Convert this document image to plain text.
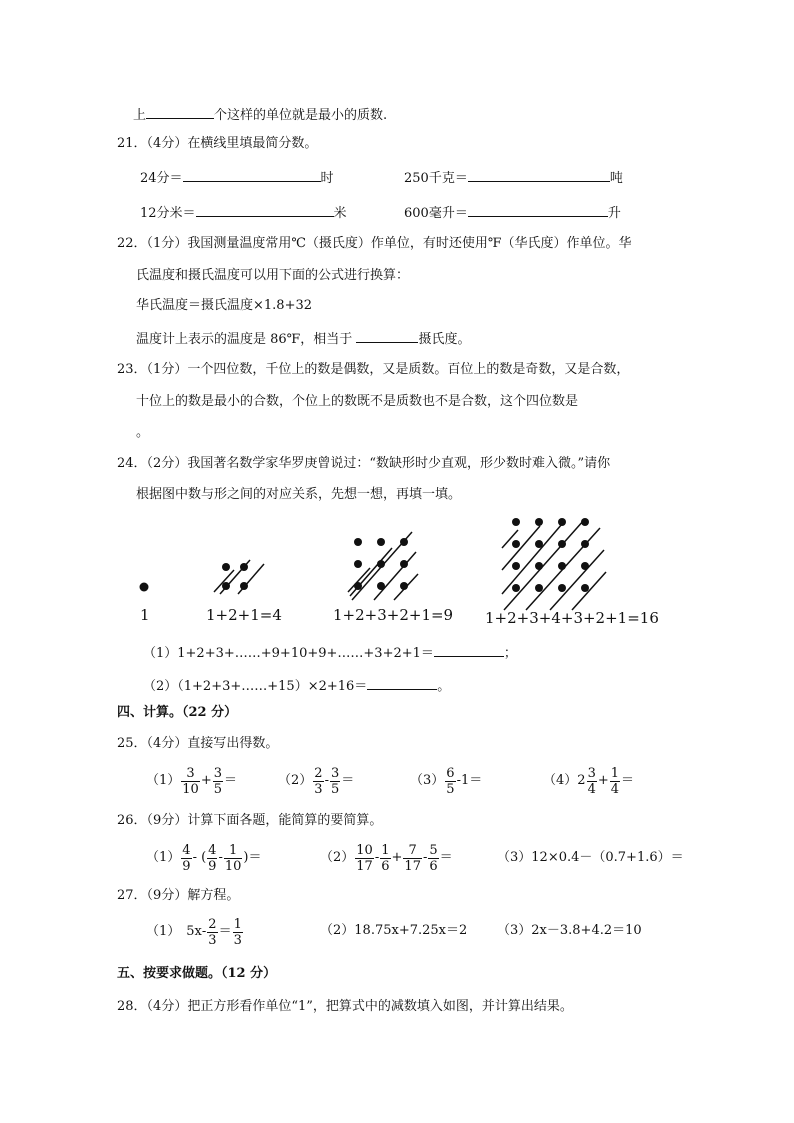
上	个这样的单位就是最小的质数.
21．（4分）在横线里填最简分数。
24分＝	时	250千克＝	吨
12分米＝	米	600毫升＝	升
22．（1分）我国测量温度常用℃（摄氏度）作单位，有时还使用℉（华氏度）作单位。华
氏温度和摄氏温度可以用下面的公式进行换算：
华氏温度＝摄氏温度×1.8+32
温度计上表示的温度是 86℉，相当于	摄氏度。
23．（1分）一个四位数，千位上的数是偶数，又是质数。百位上的数是奇数，又是合数，
十位上的数是最小的合数，个位上的数既不是质数也不是合数，这个四位数是
。
24．（2分）我国著名数学家华罗庚曾说过：“数缺形时少直观，形少数时难入微。”请你
根据图中数与形之间的对应关系，先想一想，再填一填。
1	1+2+1=4	1+2+3+2+1=9 1+2+3+4+3+2+1=16
（1）1+2+3+……+9+10+9+……+3+2+1＝	；
（2）（1+2+3+……+15）×2+16＝	。
四、计算。（22 分）
25．（4分）直接写出得数。
$(1) \frac{3}{10} + \frac{3}{5}$ ＝	$(2) \frac{2}{3} - \frac{3}{5}$ ＝	$(3) \frac{6}{5} -1=$	（4） $2 \frac{3}{4} + \frac{1}{4}$ ＝
26．（9分）计算下面各题，能简算的要简算。
$(1) \frac{4}{9}$ - ( $\frac{4}{9} - \frac{1}{10}$ )＝	$(2) \frac{10}{17} - \frac{1}{6} + \frac{7}{17} - \frac{5}{6}$ ＝	（3）12×0.4－（0.7+1.6）＝
27．（9分）解方程。
（1） $5x - \frac{2}{3} = \frac{1}{3}$	（2）18.75x+7.25x＝2 （3）2x－3.8+4.2＝10
五、按要求做题。（12 分）
28．（4分）把正方形看作单位“1”，把算式中的减数填入如图，并计算出结果。
